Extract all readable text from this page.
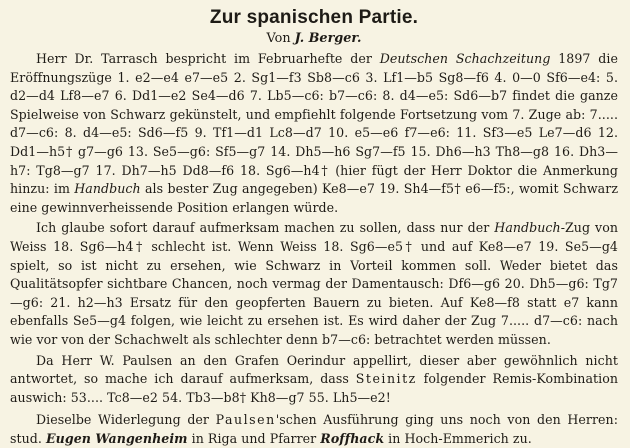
Zur spanischen Partie.
Von J. Berger.

Herr Dr. Tarrasch bespricht im Februarhefte der Deutschen Schachzeitung 1897 die Eröffnungszüge 1. e2—e4 e7—e5 2. Sg1—f3 Sb8—c6 3. Lf1—b5 Sg8—f6 4. 0—0 Sf6—e4: 5. d2—d4 Lf8—e7 6. Dd1—e2 Se4—d6 7. Lb5—c6: b7—c6: 8. d4—e5: Sd6—b7 findet die ganze Spielweise von Schwarz gekünstelt, und empfiehlt folgende Fortsetzung vom 7. Zuge ab: 7..... d7—c6: 8. d4—e5: Sd6—f5 9. Tf1—d1 Lc8—d7 10. e5—e6 f7—e6: 11. Sf3—e5 Le7—d6 12. Dd1—h5† g7—g6 13. Se5—g6: Sf5—g7 14. Dh5—h6 Sg7—f5 15. Dh6—h3 Th8—g8 16. Dh3—h7: Tg8—g7 17. Dh7—h5 Dd8—f6 18. Sg6—h4† (hier fügt der Herr Doktor die Anmerkung hinzu: im Handbuch als bester Zug angegeben) Ke8—e7 19. Sh4—f5† e6—f5:, womit Schwarz eine gewinnverheissende Position erlangen würde.

Ich glaube sofort darauf aufmerksam machen zu sollen, dass nur der Handbuch-Zug von Weiss 18. Sg6—h4† schlecht ist. Wenn Weiss 18. Sg6—e5† und auf Ke8—e7 19. Se5—g4 spielt, so ist nicht zu ersehen, wie Schwarz in Vorteil kommen soll. Weder bietet das Qualitätsopfer sichtbare Chancen, noch vermag der Damentausch: Df6—g6 20. Dh5—g6: Tg7—g6: 21. h2—h3 Ersatz für den geopferten Bauern zu bieten. Auf Ke8—f8 statt e7 kann ebenfalls Se5—g4 folgen, wie leicht zu ersehen ist. Es wird daher der Zug 7..... d7—c6: nach wie vor von der Schachwelt als schlechter denn b7—c6: betrachtet werden müssen.

Da Herr W. Paulsen an den Grafen Oerindur appellirt, dieser aber gewöhnlich nicht antwortet, so mache ich darauf aufmerksam, dass Steinitz folgender Remis-Kombination auswich: 53.... Tc8—e2 54. Tb3—b8† Kh8—g7 55. Lh5—e2!

Dieselbe Widerlegung der Paulsen'schen Ausführung ging uns noch von den Herren: stud. Eugen Wangenheim in Riga und Pfarrer Roffhack in Hoch-Emmerich zu.
